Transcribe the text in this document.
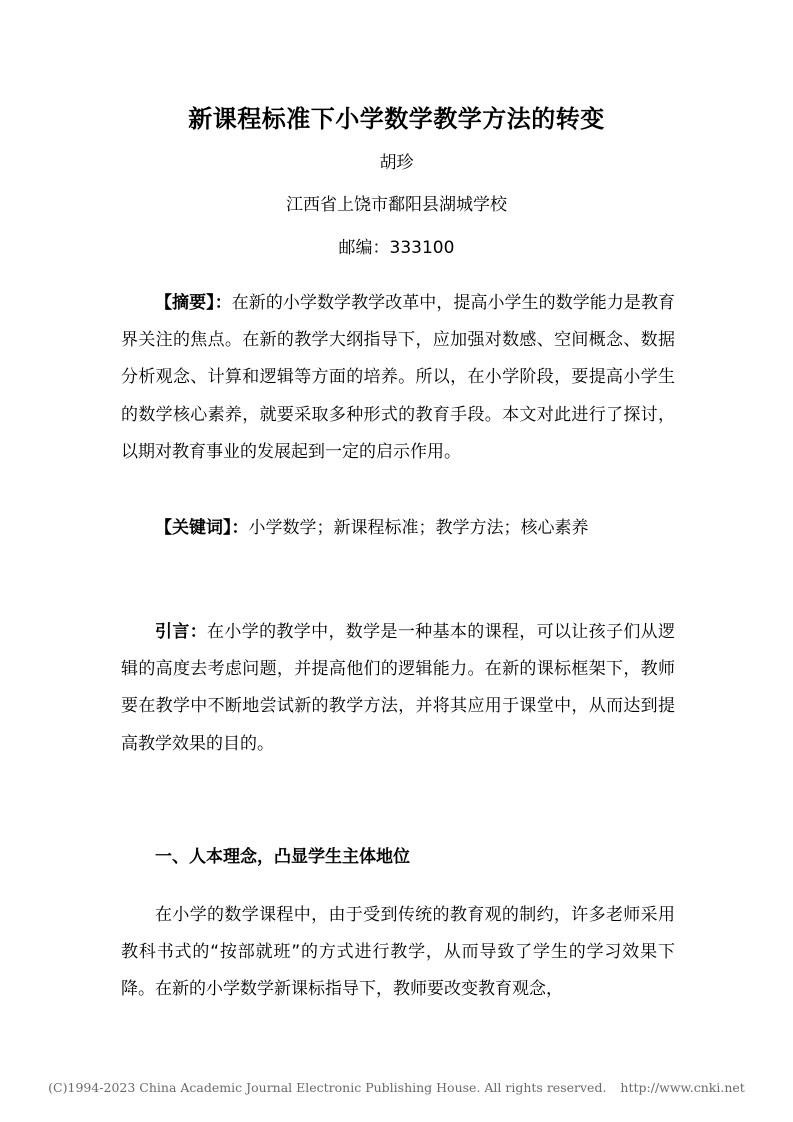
新课程标准下小学数学教学方法的转变

胡珍

江西省上饶市鄱阳县湖城学校

邮编：333100

【摘要】：在新的小学数学教学改革中，提高小学生的数学能力是教育界关注的焦点。在新的教学大纲指导下，应加强对数感、空间概念、数据分析观念、计算和逻辑等方面的培养。所以，在小学阶段，要提高小学生的数学核心素养，就要采取多种形式的教育手段。本文对此进行了探讨，以期对教育事业的发展起到一定的启示作用。

【关键词】：小学数学；新课程标准；教学方法；核心素养

引言：在小学的教学中，数学是一种基本的课程，可以让孩子们从逻辑的高度去考虑问题，并提高他们的逻辑能力。在新的课标框架下，教师要在教学中不断地尝试新的教学方法，并将其应用于课堂中，从而达到提高教学效果的目的。

一、人本理念，凸显学生主体地位

在小学的数学课程中，由于受到传统的教育观的制约，许多老师采用教科书式的“按部就班”的方式进行教学，从而导致了学生的学习效果下降。在新的小学数学新课标指导下，教师要改变教育观念，

(C)1994-2023 China Academic Journal Electronic Publishing House. All rights reserved. http://www.cnki.net
